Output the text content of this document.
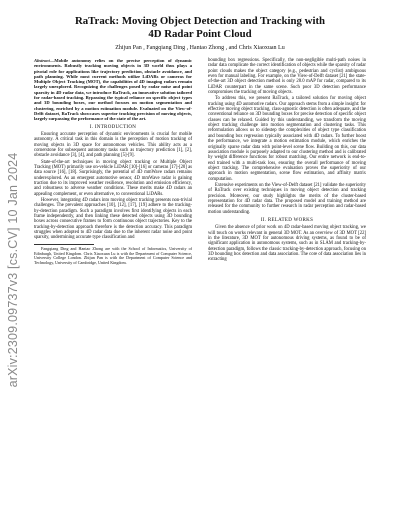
arXiv:2309.09737v3 [cs.CV] 10 Jan 2024
RaTrack: Moving Object Detection and Tracking with
4D Radar Point Cloud
Zhijun Pan , Fangqiang Ding , Hantao Zhong , and Chris Xiaoxuan Lu

Abstract—Mobile autonomy relies on the precise perception of dynamic environments. Robustly tracking moving objects in 3D world thus plays a pivotal role for applications like trajectory prediction, obstacle avoidance, and path planning. While most current methods utilize LiDARs or cameras for Multiple Object Tracking (MOT), the capabilities of 4D imaging radars remain largely unexplored. Recognizing the challenges posed by radar noise and point sparsity in 4D radar data, we introduce RaTrack, an innovative solution tailored for radar-based tracking. Bypassing the typical reliance on specific object types and 3D bounding boxes, our method focuses on motion segmentation and clustering, enriched by a motion estimation module. Evaluated on the View-of-Delft dataset, RaTrack showcases superior tracking precision of moving objects, largely surpassing the performance of the state of the art.

I. INTRODUCTION

Ensuring accurate perception of dynamic environments is crucial for mobile autonomy. A critical task in this domain is the perception of motion tracking of moving objects in 3D space for autonomous vehicles. This ability acts as a cornerstone for subsequent autonomy tasks such as trajectory prediction [1], [2], obstacle avoidance [3], [4], and path planning [5]-[9].

State-of-the-art techniques in moving object tracking or Multiple Object Tracking (MOT) primarily use on-vehicle LiDAR [10]-[16] or cameras [17]-[20] as data source [16], [18]. Surprisingly, the potential of 4D mmWave radars remains underexplored. As an emergent automotive sensor, 4D mmWave radar is gaining traction due to its improved weather resilience, resolution and emission efficiency, and robustness to adverse weather conditions. These merits make 4D radars an appealing complement, or even alternative, to conventional LiDARs.

However, integrating 4D radars into moving object tracking presents non-trivial challenges. The prevalent approaches [10], [12], [17], [19] adhere to the tracking-by-detection paradigm. Such a paradigm involves first identifying objects in each frame independently, and then linking these detected objects using 3D bounding boxes across consecutive frames to form continuous object trajectories. Key to the tracking-by-detection approach therefore is the detection accuracy. This paradigm struggles when adopted to 4D radar data due to the inherent radar noise and point sparsity, undermining accurate type classification and

Fangqiang Ding and Hantao Zhong are with the School of Informatics, University of Edinburgh, United Kingdom. Chris Xiaoxuan Lu is with the Department of Computer Science, University College London. Zhijun Pan is with the Department of Computer Science and Technology, University of Cambridge, United Kingdom.

bounding box regressions. Specifically, the non-negligible multi-path noises in radar data complicate the correct identification of objects while the sparsity of radar point clouds makes the object category (e.g., pedestrian and cyclist) ambiguous even for manual labeling. For example, on the View-of-Delft dataset [21] the state-of-the-art 3D object detection method is only 28.0 mAP for radar, compared to its LiDAR counterpart in the same scene. Such poor 3D detection performance compromises the tracking of moving objects.

To address this, we present RaTrack, a tailored solution for moving object tracking using 4D automotive radars. Our approach stems from a simple insight: for effective moving object tracking, class-agnostic detection is often adequate, and the conventional reliance on 3D bounding boxes for precise detection of specific object classes can be relaxed. Guided by this understanding, we transform the moving object tracking challenge into motion segmentation and clustering tasks. This reformulation allows us to sidestep the complexities of object type classification and bounding box regression typically associated with 4D radars. To further boost the performance, we integrate a motion estimation module, which enriches the originally sparse radar data with point-level scene flow. Building on this, our data association module is purposely adapted to our clustering method and is calibrated by weight difference functions for robust matching. Our entire network is end-to-end trained with a multi-task loss, ensuring the overall performance of moving object tracking. The comprehensive evaluation proves the superiority of our approach in motion segmentation, scene flow estimation, and affinity matrix computation.

Extensive experiments on the View-of-Delft dataset [21] validate the superiority of RaTrack over existing techniques in moving object detection and tracking precision. Moreover, our study highlights the merits of the cluster-based representation for 4D radar data. The proposed model and training method are released for the community to further research in radar perception and radar-based motion understanding.

II. RELATED WORKS

Given the absence of prior work on 4D radar-based moving object tracking, we will touch on works relevant in general 3D MOT. As an overview of 3D MOT [22] in the literature, 3D MOT for autonomous driving systems, as found to be of significant application in autonomous systems, such as in SLAM and tracking-by-detection paradigm, follows the classic tracking-by-detection approach, focusing on 3D bounding box detection and data association. The core of data association lies in extracting
